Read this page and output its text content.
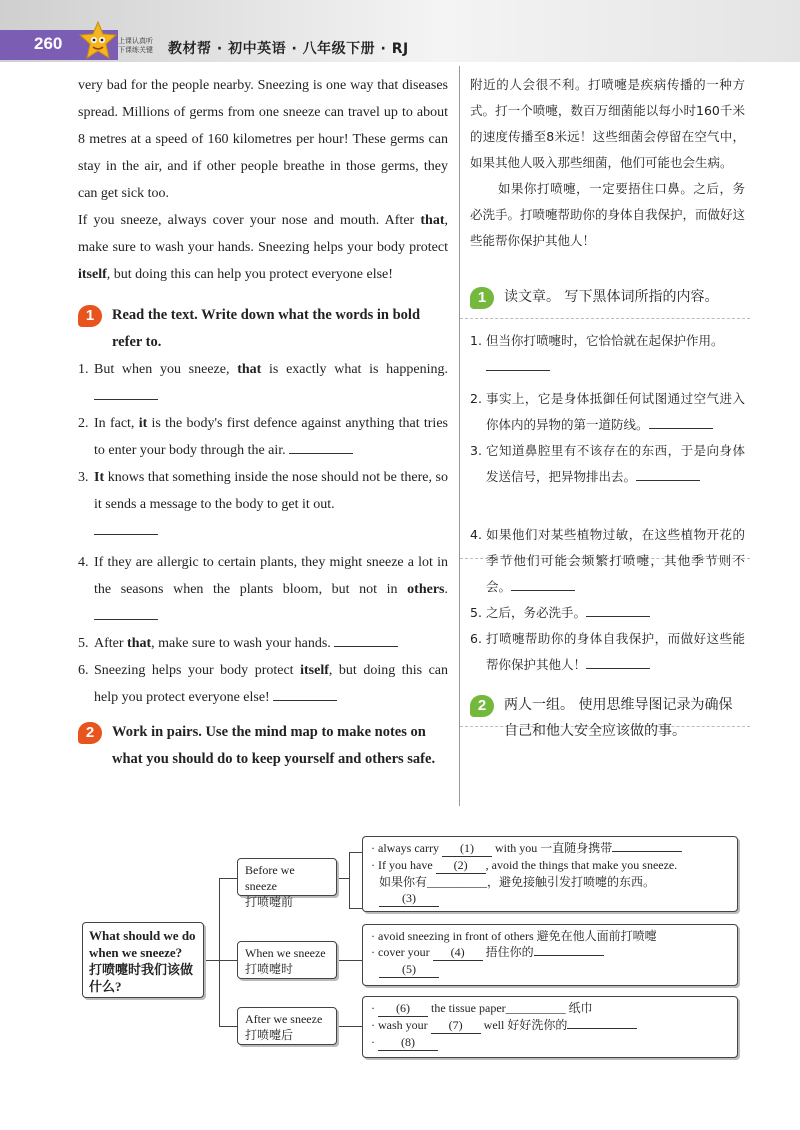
260	上课认真听
下课练关键 教材帮 · 初中英语 · 八年级下册 · RJ

very bad for the people nearby. Sneezing is one way that diseases spread. Millions of germs from one sneeze can travel up to about 8 metres at a speed of 160 kilometres per hour! These germs can stay in the air, and if other people breathe in those germs, they can get sick too.

If you sneeze, always cover your nose and mouth. After that, make sure to wash your hands. Sneezing helps your body protect itself, but doing this can help you protect everyone else!

1	Read the text. Write down what the words in bold refer to.
1. But when you sneeze, that is exactly what is happening.
2. In fact, it is the body's first defence against anything that tries to enter your body through the air.
3. It knows that something inside the nose should not be there, so it sends a message to the body to get it out.

4. If they are allergic to certain plants, they might sneeze a lot in the seasons when the plants bloom, but not in others.
5. After that, make sure to wash your hands.
6. Sneezing helps your body protect itself, but doing this can help you protect everyone else!
2	Work in pairs. Use the mind map to make notes on what you should do to keep yourself and others safe.

附近的人会很不利。打喷嚏是疾病传播的一种方式。打一个喷嚏，数百万细菌能以每小时160千米的速度传播至8米远！这些细菌会停留在空气中，如果其他人吸入那些细菌，他们可能也会生病。

如果你打喷嚏，一定要捂住口鼻。之后，务必洗手。打喷嚏帮助你的身体自我保护，而做好这些能帮你保护其他人！

1	读文章。 写下黑体词所指的内容。
1. 但当你打喷嚏时，它恰恰就在起保护作用。

2. 事实上，它是身体抵御任何试图通过空气进入你体内的异物的第一道防线。
3. 它知道鼻腔里有不该存在的东西，于是向身体发送信号，把异物排出去。
4. 如果他们对某些植物过敏，在这些植物开花的季节他们可能会频繁打喷嚏，其他季节则不会。
5. 之后，务必洗手。
6. 打喷嚏帮助你的身体自我保护，而做好这些能帮你保护其他人！
2	两人一组。 使用思维导图记录为确保自己和他人安全应该做的事。
What should we do when we sneeze?
打喷嚏时我们该做什么?
Before we sneeze
打喷嚏前
When we sneeze
打喷嚏时
After we sneeze
打喷嚏后
· always carry (1) with you 一直随身携带
· If you have (2) , avoid the things that make you sneeze.
如果你有__________，避免接触引发打喷嚏的东西。
(3)
· avoid sneezing in front of others 避免在他人面前打喷嚏
· cover your (4) 捂住你的
(5)
· (6) the tissue paper__________ 纸巾
· wash your (7) well 好好洗你的
· (8)
